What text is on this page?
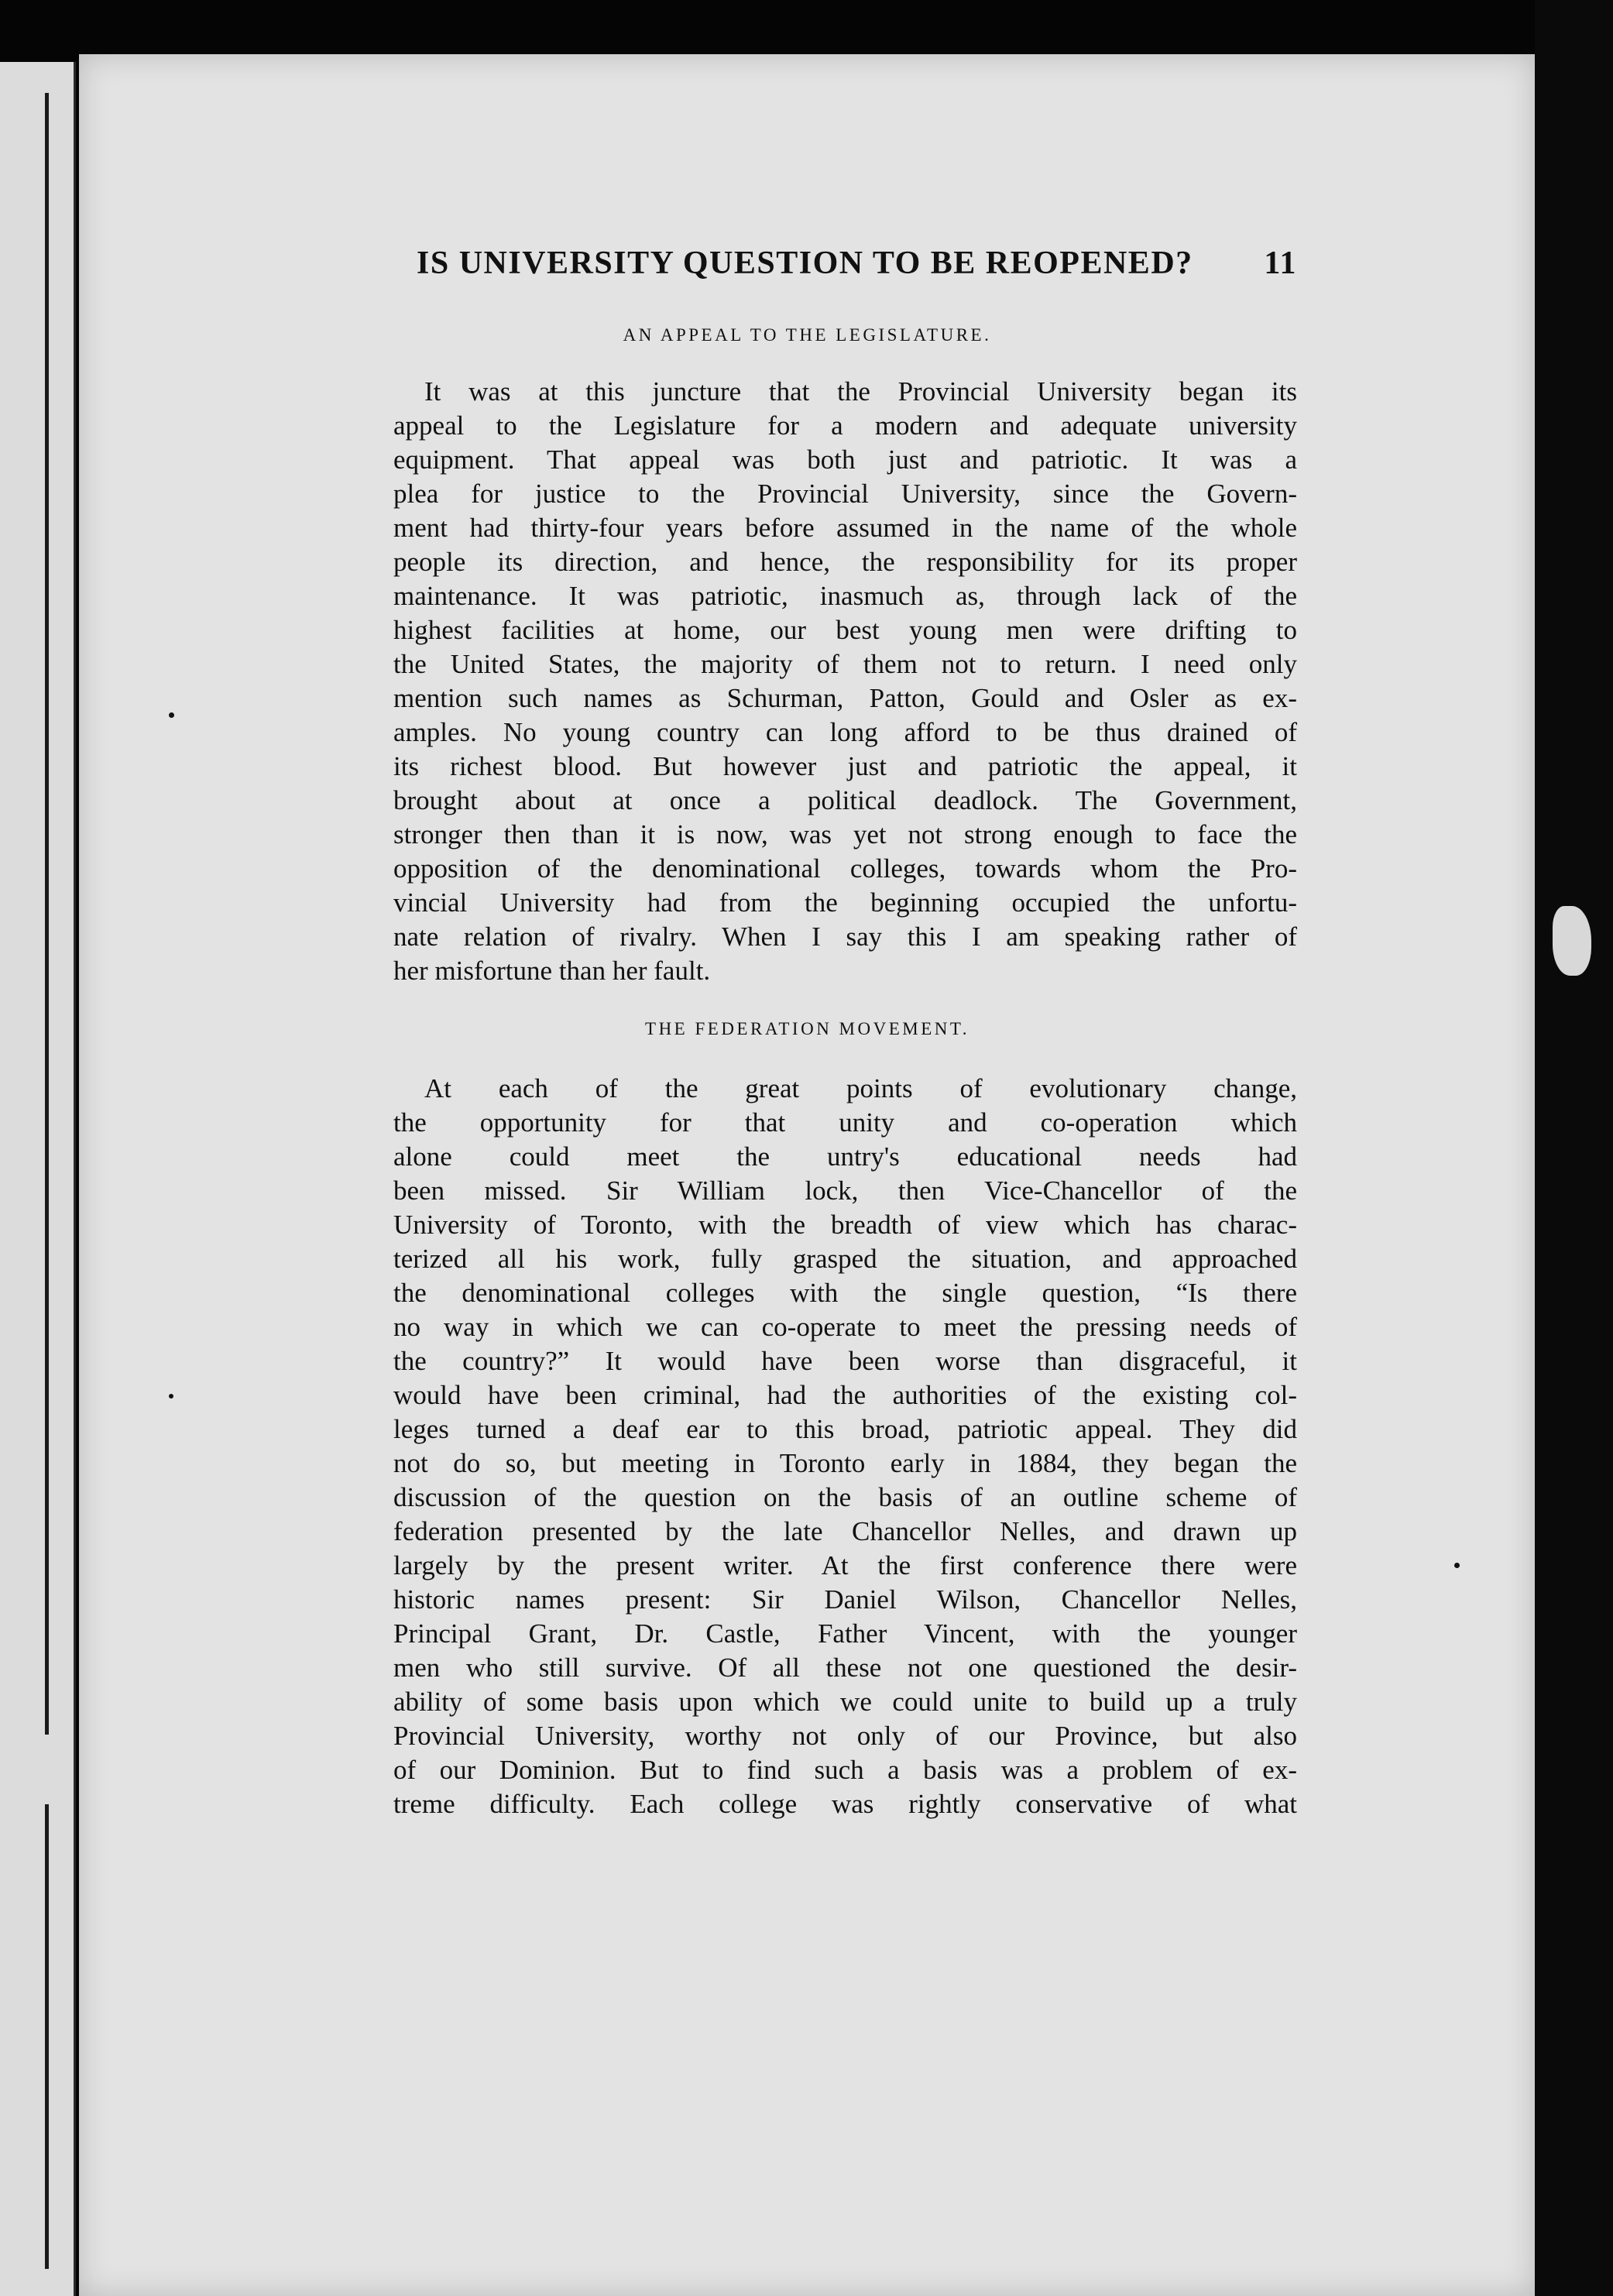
IS UNIVERSITY QUESTION TO BE REOPENED? 11
AN APPEAL TO THE LEGISLATURE.
It was at this juncture that the Provincial University began its
appeal to the Legislature for a modern and adequate university
equipment. That appeal was both just and patriotic. It was a
plea for justice to the Provincial University, since the Govern-
ment had thirty-four years before assumed in the name of the whole
people its direction, and hence, the responsibility for its proper
maintenance. It was patriotic, inasmuch as, through lack of the
highest facilities at home, our best young men were drifting to
the United States, the majority of them not to return. I need only
mention such names as Schurman, Patton, Gould and Osler as ex-
amples. No young country can long afford to be thus drained of
its richest blood. But however just and patriotic the appeal, it
brought about at once a political deadlock. The Government,
stronger then than it is now, was yet not strong enough to face the
opposition of the denominational colleges, towards whom the Pro-
vincial University had from the beginning occupied the unfortu-
nate relation of rivalry. When I say this I am speaking rather of
her misfortune than her fault.
THE FEDERATION MOVEMENT.
At each of the great points of evolutionary change,
the opportunity for that unity and co-operation which
alone could meet the untry's educational needs had
been missed. Sir William lock, then Vice-Chancellor of the
University of Toronto, with the breadth of view which has charac-
terized all his work, fully grasped the situation, and approached
the denominational colleges with the single question, “Is there
no way in which we can co-operate to meet the pressing needs of
the country?” It would have been worse than disgraceful, it
would have been criminal, had the authorities of the existing col-
leges turned a deaf ear to this broad, patriotic appeal. They did
not do so, but meeting in Toronto early in 1884, they began the
discussion of the question on the basis of an outline scheme of
federation presented by the late Chancellor Nelles, and drawn up
largely by the present writer. At the first conference there were
historic names present: Sir Daniel Wilson, Chancellor Nelles,
Principal Grant, Dr. Castle, Father Vincent, with the younger
men who still survive. Of all these not one questioned the desir-
ability of some basis upon which we could unite to build up a truly
Provincial University, worthy not only of our Province, but also
of our Dominion. But to find such a basis was a problem of ex-
treme difficulty. Each college was rightly conservative of what
